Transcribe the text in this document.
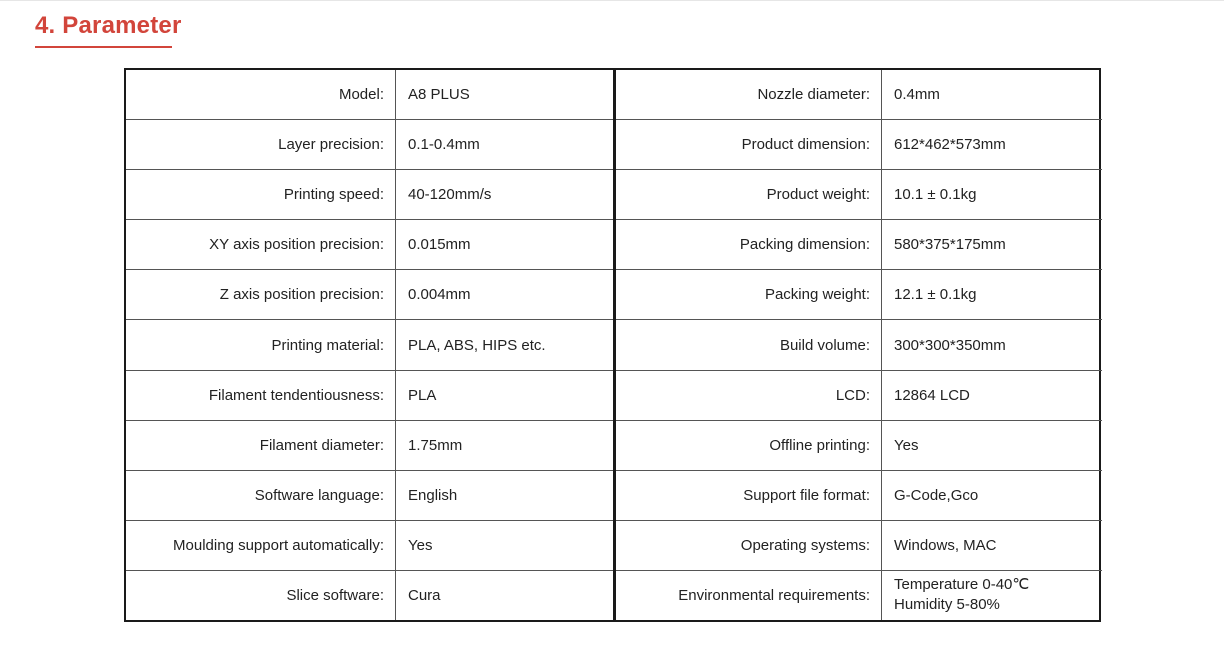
4. Parameter
Model:	A8 PLUS
Layer precision:	0.1-0.4mm
Printing speed:	40-120mm/s
XY axis position precision:	0.015mm
Z axis position precision:	0.004mm
Printing material:	PLA, ABS, HIPS etc.
Filament tendentiousness:	PLA
Filament diameter:	1.75mm
Software language:	English
Moulding support automatically:	Yes
Slice software:	Cura
Nozzle diameter:	0.4mm
Product dimension:	612*462*573mm
Product weight:	10.1 ± 0.1kg
Packing dimension:	580*375*175mm
Packing weight:	12.1 ± 0.1kg
Build volume:	300*300*350mm
LCD:	12864 LCD
Offline printing:	Yes
Support file format:	G-Code,Gco
Operating systems:	Windows, MAC
Environmental requirements:
Temperature 0-40℃
Humidity 5-80%
